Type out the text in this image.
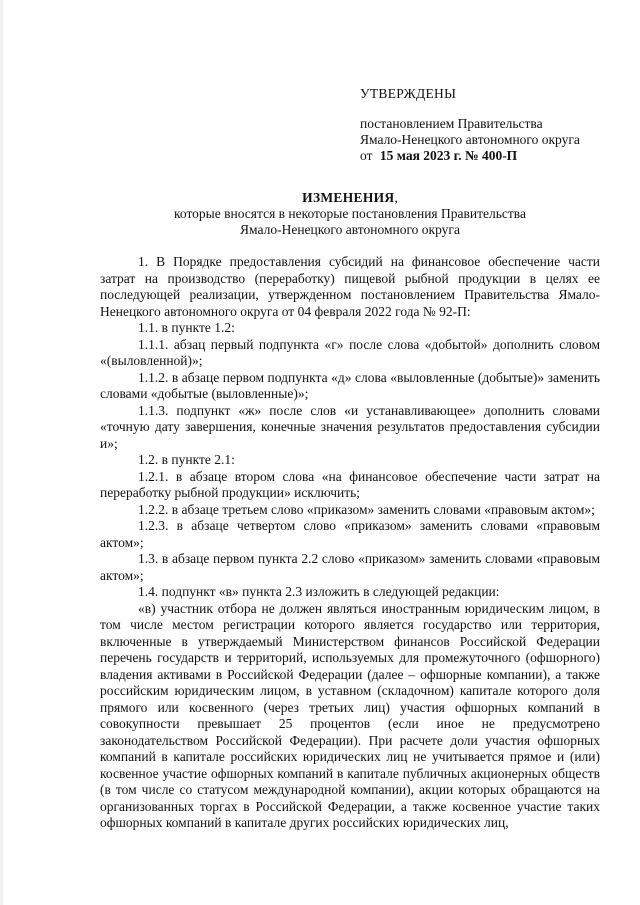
УТВЕРЖДЕНЫ
постановлением Правительства
Ямало-Ненецкого автономного округа
от 15 мая 2023 г. № 400-П
ИЗМЕНЕНИЯ,
которые вносятся в некоторые постановления Правительства
Ямало-Ненецкого автономного округа

1. В Порядке предоставления субсидий на финансовое обеспечение части затрат на производство (переработку) пищевой рыбной продукции в целях ее последующей реализации, утвержденном постановлением Правительства Ямало-Ненецкого автономного округа от 04 февраля 2022 года № 92-П:

1.1. в пункте 1.2:

1.1.1. абзац первый подпункта «г» после слова «добытой» дополнить словом «(выловленной)»;

1.1.2. в абзаце первом подпункта «д» слова «выловленные (добытые)» заменить словами «добытые (выловленные)»;

1.1.3. подпункт «ж» после слов «и устанавливающее» дополнить словами «точную дату завершения, конечные значения результатов предоставления субсидии и»;

1.2. в пункте 2.1:

1.2.1. в абзаце втором слова «на финансовое обеспечение части затрат на переработку рыбной продукции» исключить;

1.2.2. в абзаце третьем слово «приказом» заменить словами «правовым актом»;

1.2.3. в абзаце четвертом слово «приказом» заменить словами «правовым актом»;

1.3. в абзаце первом пункта 2.2 слово «приказом» заменить словами «правовым актом»;

1.4. подпункт «в» пункта 2.3 изложить в следующей редакции:

«в) участник отбора не должен являться иностранным юридическим лицом, в том числе местом регистрации которого является государство или территория, включенные в утверждаемый Министерством финансов Российской Федерации перечень государств и территорий, используемых для промежуточного (офшорного) владения активами в Российской Федерации (далее – офшорные компании), а также российским юридическим лицом, в уставном (складочном) капитале которого доля прямого или косвенного (через третьих лиц) участия офшорных компаний в совокупности превышает 25 процентов (если иное не предусмотрено законодательством Российской Федерации). При расчете доли участия офшорных компаний в капитале российских юридических лиц не учитывается прямое и (или) косвенное участие офшорных компаний в капитале публичных акционерных обществ (в том числе со статусом международной компании), акции которых обращаются на организованных торгах в Российской Федерации, а также косвенное участие таких офшорных компаний в капитале других российских юридических лиц,
